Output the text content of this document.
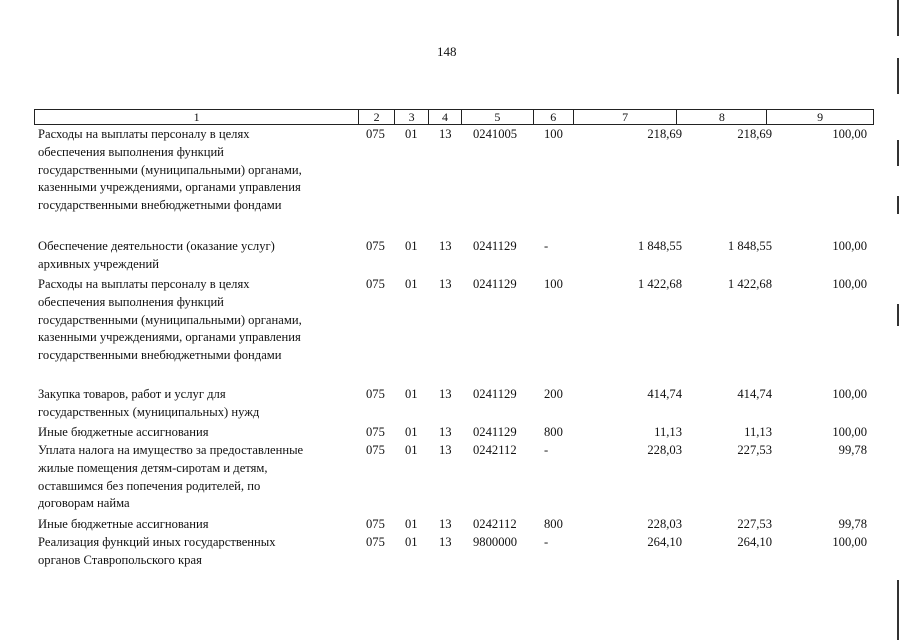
148
1	2	3	4	5	6	7	8	9
Расходы на выплаты персоналу в целях
обеспечения выполнения функций
государственными (муниципальными) органами,
казенными учреждениями, органами управления
государственными внебюджетными фондами
075 01 13 0241005 100	218,69	218,69	100,00
Обеспечение деятельности (оказание услуг)
архивных учреждений
075 01 13 0241129 -	1 848,55	1 848,55	100,00
Расходы на выплаты персоналу в целях
обеспечения выполнения функций
государственными (муниципальными) органами,
казенными учреждениями, органами управления
государственными внебюджетными фондами
075 01 13 0241129 100	1 422,68	1 422,68	100,00
Закупка товаров, работ и услуг для
государственных (муниципальных) нужд
075 01 13 0241129 200	414,74	414,74	100,00
Иные бюджетные ассигнования	075 01 13 0241129 800	11,13	11,13	100,00
Уплата налога на имущество за предоставленные
жилые помещения детям-сиротам и детям,
оставшимся без попечения родителей, по
договорам найма
075 01 13 0242112 -	228,03	227,53	99,78
Иные бюджетные ассигнования	075 01 13 0242112 800	228,03	227,53	99,78
Реализация функций иных государственных
органов Ставропольского края
075 01 13 9800000 -	264,10	264,10	100,00
